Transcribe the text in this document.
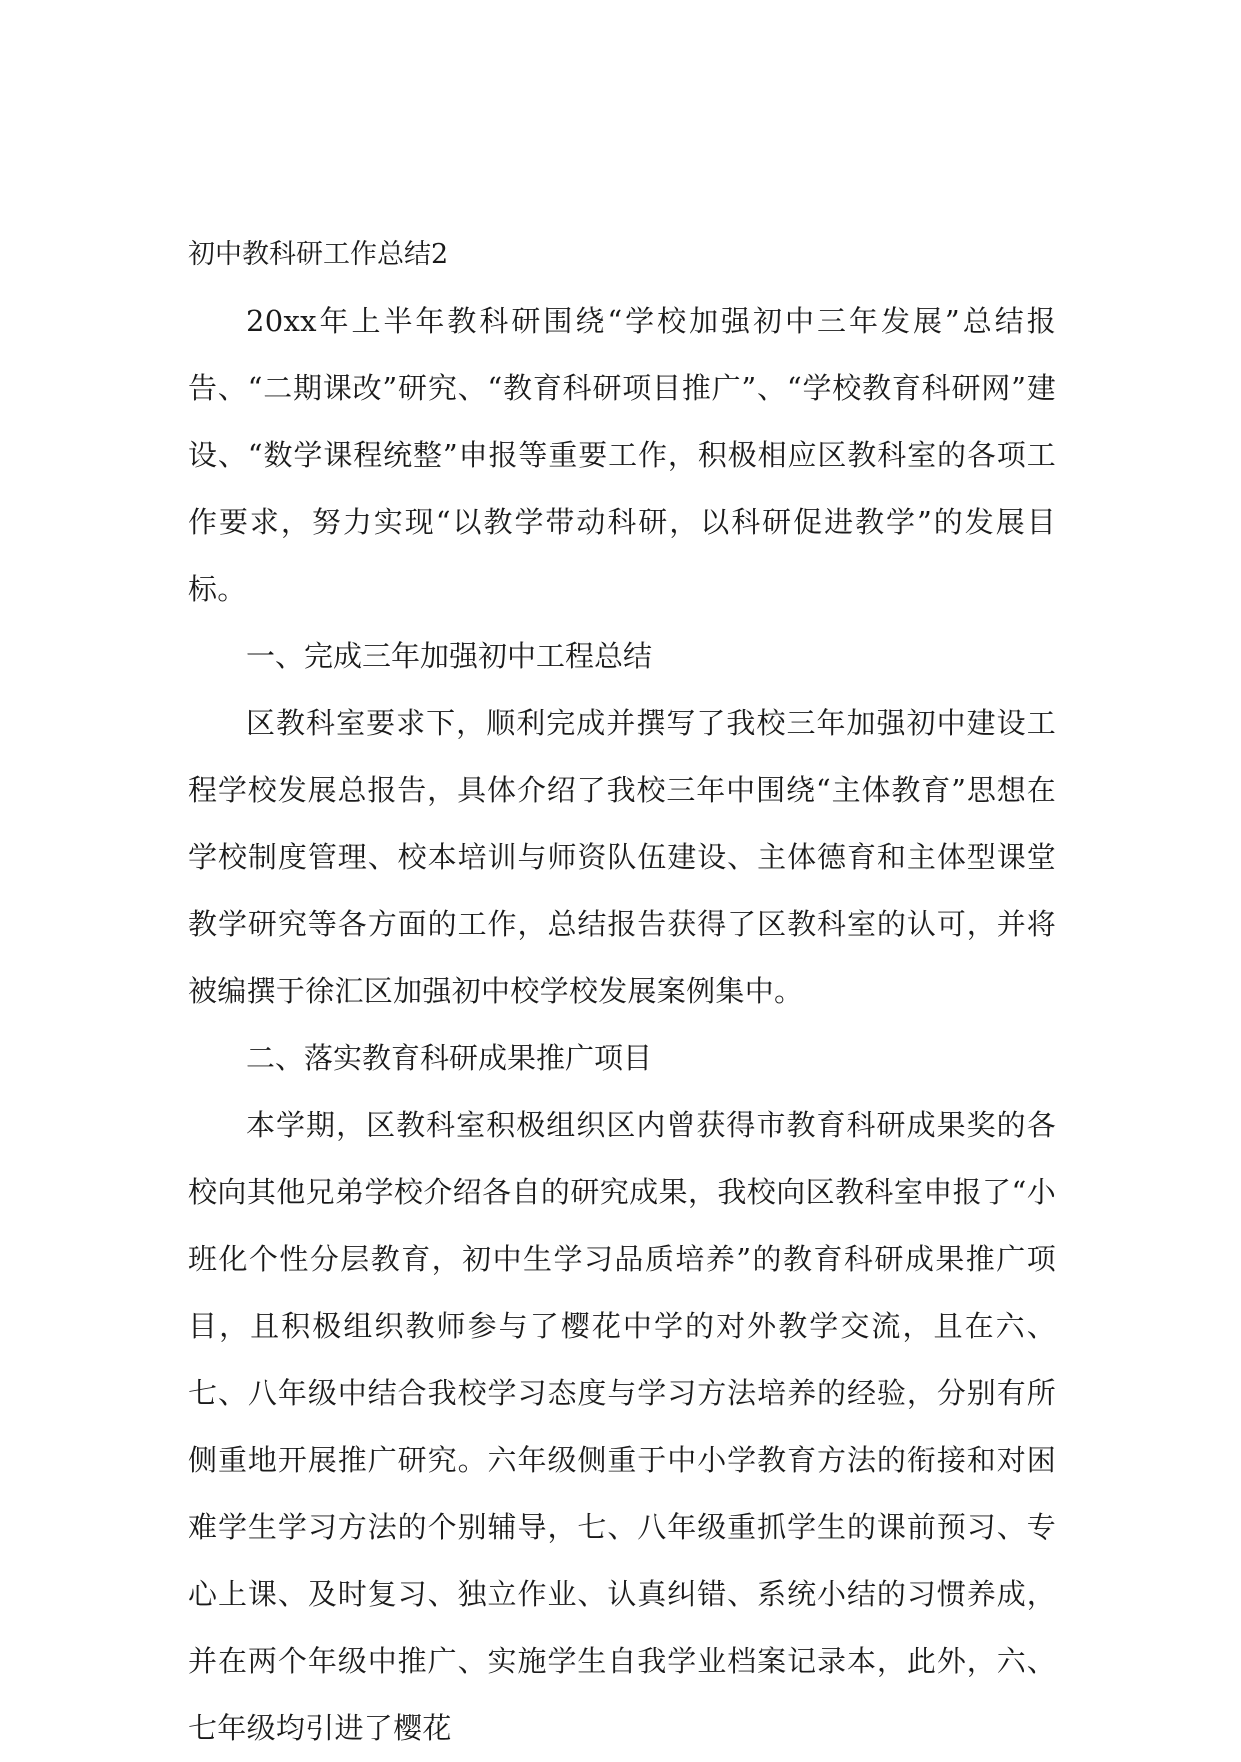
初中教科研工作总结2

20xx年上半年教科研围绕“学校加强初中三年发展”总结报告、“二期课改”研究、“教育科研项目推广”、“学校教育科研网”建设、“数学课程统整”申报等重要工作，积极相应区教科室的各项工作要求，努力实现“以教学带动科研，以科研促进教学”的发展目标。

一、完成三年加强初中工程总结

区教科室要求下，顺利完成并撰写了我校三年加强初中建设工程学校发展总报告，具体介绍了我校三年中围绕“主体教育”思想在学校制度管理、校本培训与师资队伍建设、主体德育和主体型课堂教学研究等各方面的工作，总结报告获得了区教科室的认可，并将被编撰于徐汇区加强初中校学校发展案例集中。

二、落实教育科研成果推广项目

本学期，区教科室积极组织区内曾获得市教育科研成果奖的各校向其他兄弟学校介绍各自的研究成果，我校向区教科室申报了“小班化个性分层教育，初中生学习品质培养”的教育科研成果推广项目，且积极组织教师参与了樱花中学的对外教学交流，且在六、七、八年级中结合我校学习态度与学习方法培养的经验，分别有所侧重地开展推广研究。六年级侧重于中小学教育方法的衔接和对困难学生学习方法的个别辅导，七、八年级重抓学生的课前预习、专心上课、及时复习、独立作业、认真纠错、系统小结的习惯养成，并在两个年级中推广、实施学生自我学业档案记录本，此外，六、七年级均引进了樱花
